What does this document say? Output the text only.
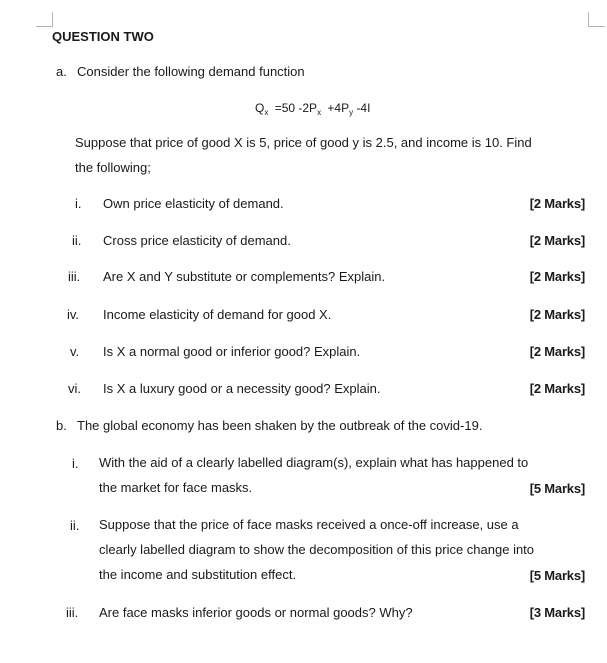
QUESTION TWO
a. Consider the following demand function
$Q_x =50$ $-2P_x +4P_y$ -4I
Suppose that price of good X is 5, price of good y is 2.5, and income is 10. Find
the following;
i. Own price elasticity of demand.	[2 Marks]
ii. Cross price elasticity of demand.	[2 Marks]
iii. Are X and Y substitute or complements? Explain.	[2 Marks]
iv. Income elasticity of demand for good X.	[2 Marks]
v. Is X a normal good or inferior good? Explain.	[2 Marks]
vi. Is X a luxury good or a necessity good? Explain.	[2 Marks]
b. The global economy has been shaken by the outbreak of the covid-19.
i. With the aid of a clearly labelled diagram(s), explain what has happened to
the market for face masks.	[5 Marks]
ii. Suppose that the price of face masks received a once-off increase, use a
clearly labelled diagram to show the decomposition of this price change into
the income and substitution effect.	[5 Marks]
iii. Are face masks inferior goods or normal goods? Why?	[3 Marks]
